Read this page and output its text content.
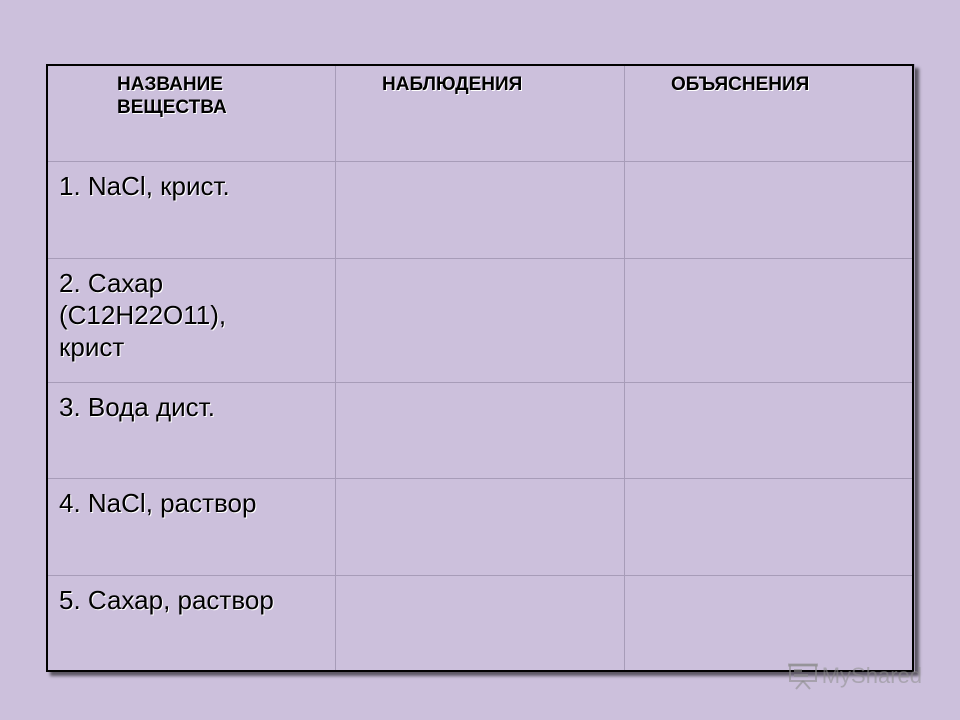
НАЗВАНИЕ ВЕЩЕСТВА	НАБЛЮДЕНИЯ	ОБЪЯСНЕНИЯ

1. NaCl, крист.		

2. Сахар (С12Н22О11), крист		

3. Вода дист.		

4. NaCl, раствор		

5. Сахар, раствор		

MyShared
